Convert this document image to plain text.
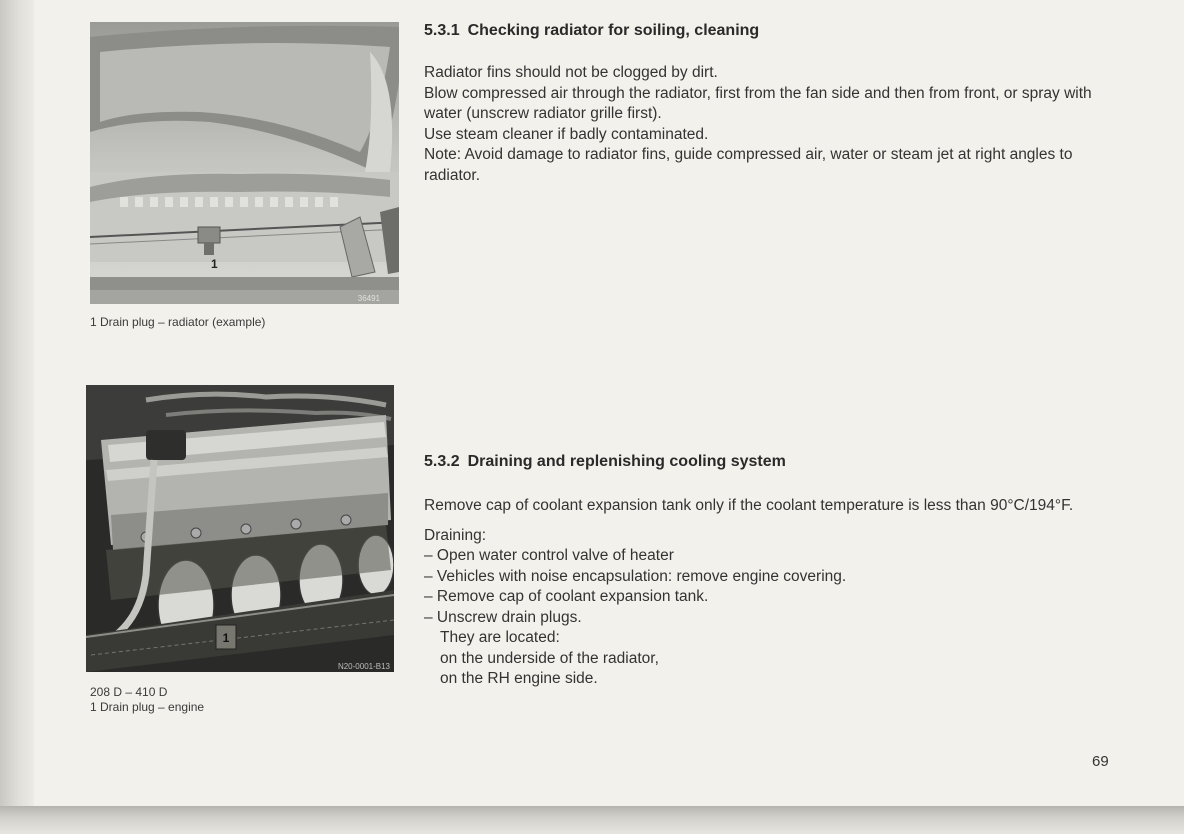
1
36491
1 Drain plug – radiator (example)
1
N20-0001-B13
208 D – 410 D
1 Drain plug – engine
5.3.1 Checking radiator for soiling, cleaning

Radiator fins should not be clogged by dirt.

Blow compressed air through the radiator, first from the fan side and then from front, or spray with water (unscrew radiator grille first).

Use steam cleaner if badly contaminated.

Note: Avoid damage to radiator fins, guide compressed air, water or steam jet at right angles to radiator.

5.3.2 Draining and replenishing cooling system

Remove cap of coolant expansion tank only if the coolant temperature is less than 90°C/194°F.

Draining:

– Open water control valve of heater

– Vehicles with noise encapsulation: remove engine covering.

– Remove cap of coolant expansion tank.

– Unscrew drain plugs.

They are located:

on the underside of the radiator,

on the RH engine side.

69
